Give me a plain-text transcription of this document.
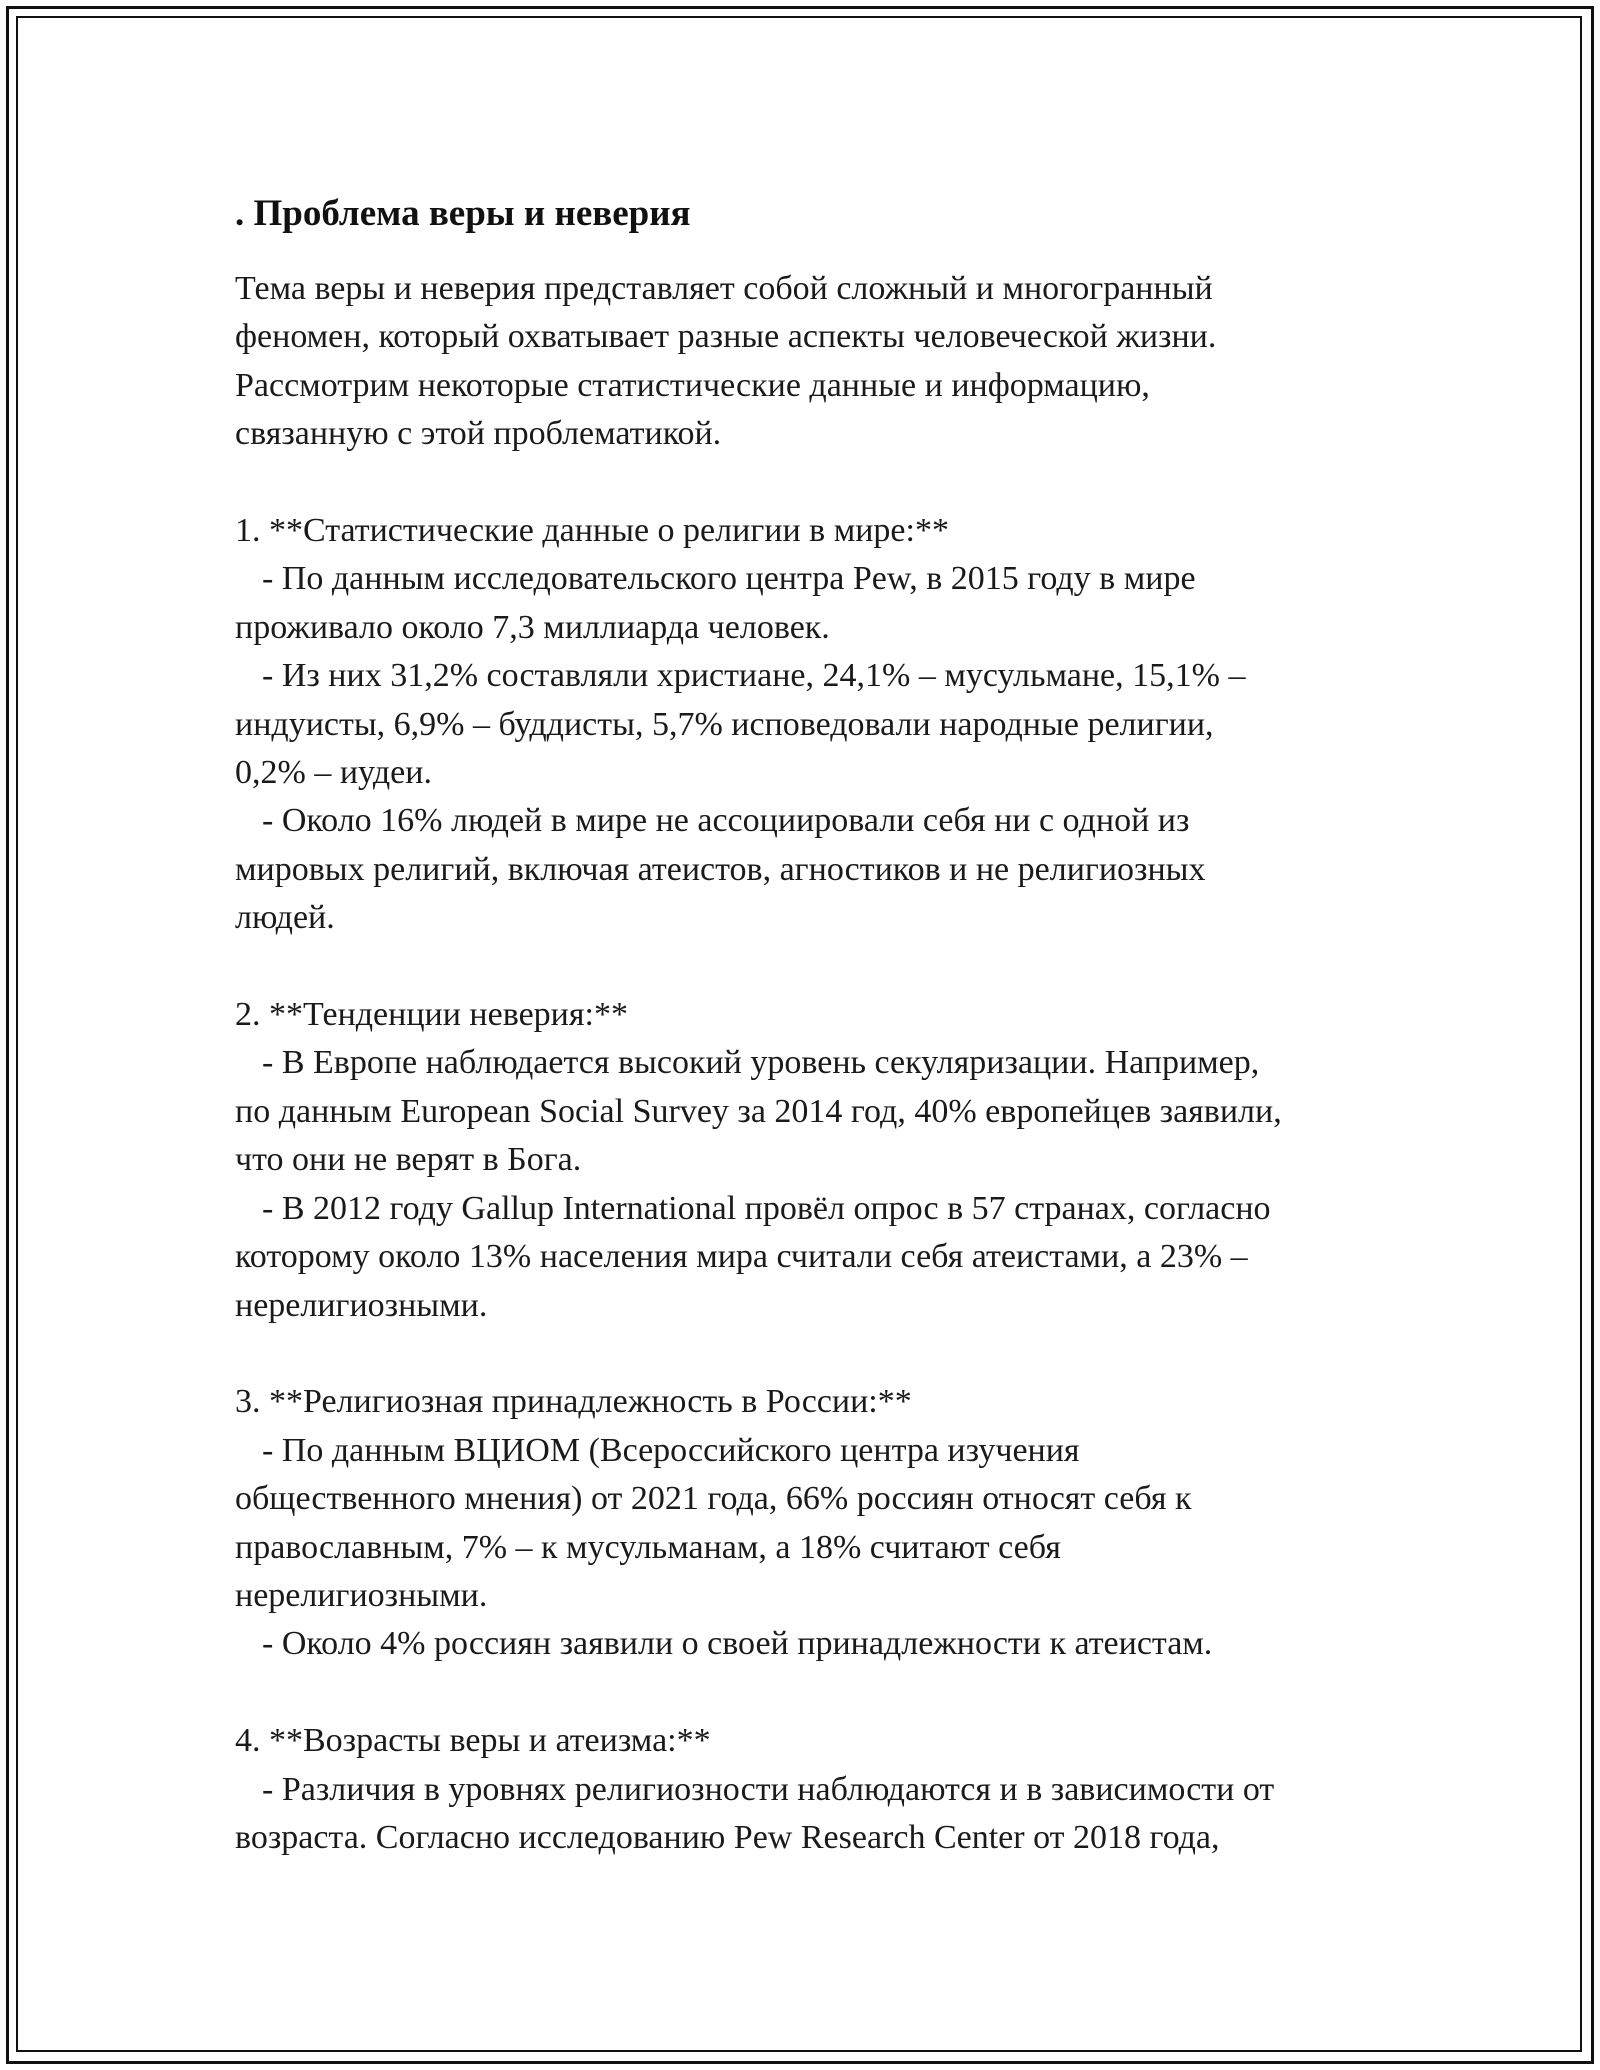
. Проблема веры и неверия

Тема веры и неверия представляет собой сложный и многогранный

феномен, который охватывает разные аспекты человеческой жизни.

Рассмотрим некоторые статистические данные и информацию,

связанную с этой проблематикой.

1. **Статистические данные о религии в мире:**

- По данным исследовательского центра Pew, в 2015 году в мире

проживало около 7,3 миллиарда человек.

- Из них 31,2% составляли христиане, 24,1% – мусульмане, 15,1% –

индуисты, 6,9% – буддисты, 5,7% исповедовали народные религии,

0,2% – иудеи.

- Около 16% людей в мире не ассоциировали себя ни с одной из

мировых религий, включая атеистов, агностиков и не религиозных

людей.

2. **Тенденции неверия:**

- В Европе наблюдается высокий уровень секуляризации. Например,

по данным European Social Survey за 2014 год, 40% европейцев заявили,

что они не верят в Бога.

- В 2012 году Gallup International провёл опрос в 57 странах, согласно

которому около 13% населения мира считали себя атеистами, а 23% –

нерелигиозными.

3. **Религиозная принадлежность в России:**

- По данным ВЦИОМ (Всероссийского центра изучения

общественного мнения) от 2021 года, 66% россиян относят себя к

православным, 7% – к мусульманам, а 18% считают себя

нерелигиозными.

- Около 4% россиян заявили о своей принадлежности к атеистам.

4. **Возрасты веры и атеизма:**

- Различия в уровнях религиозности наблюдаются и в зависимости от

возраста. Согласно исследованию Pew Research Center от 2018 года,
